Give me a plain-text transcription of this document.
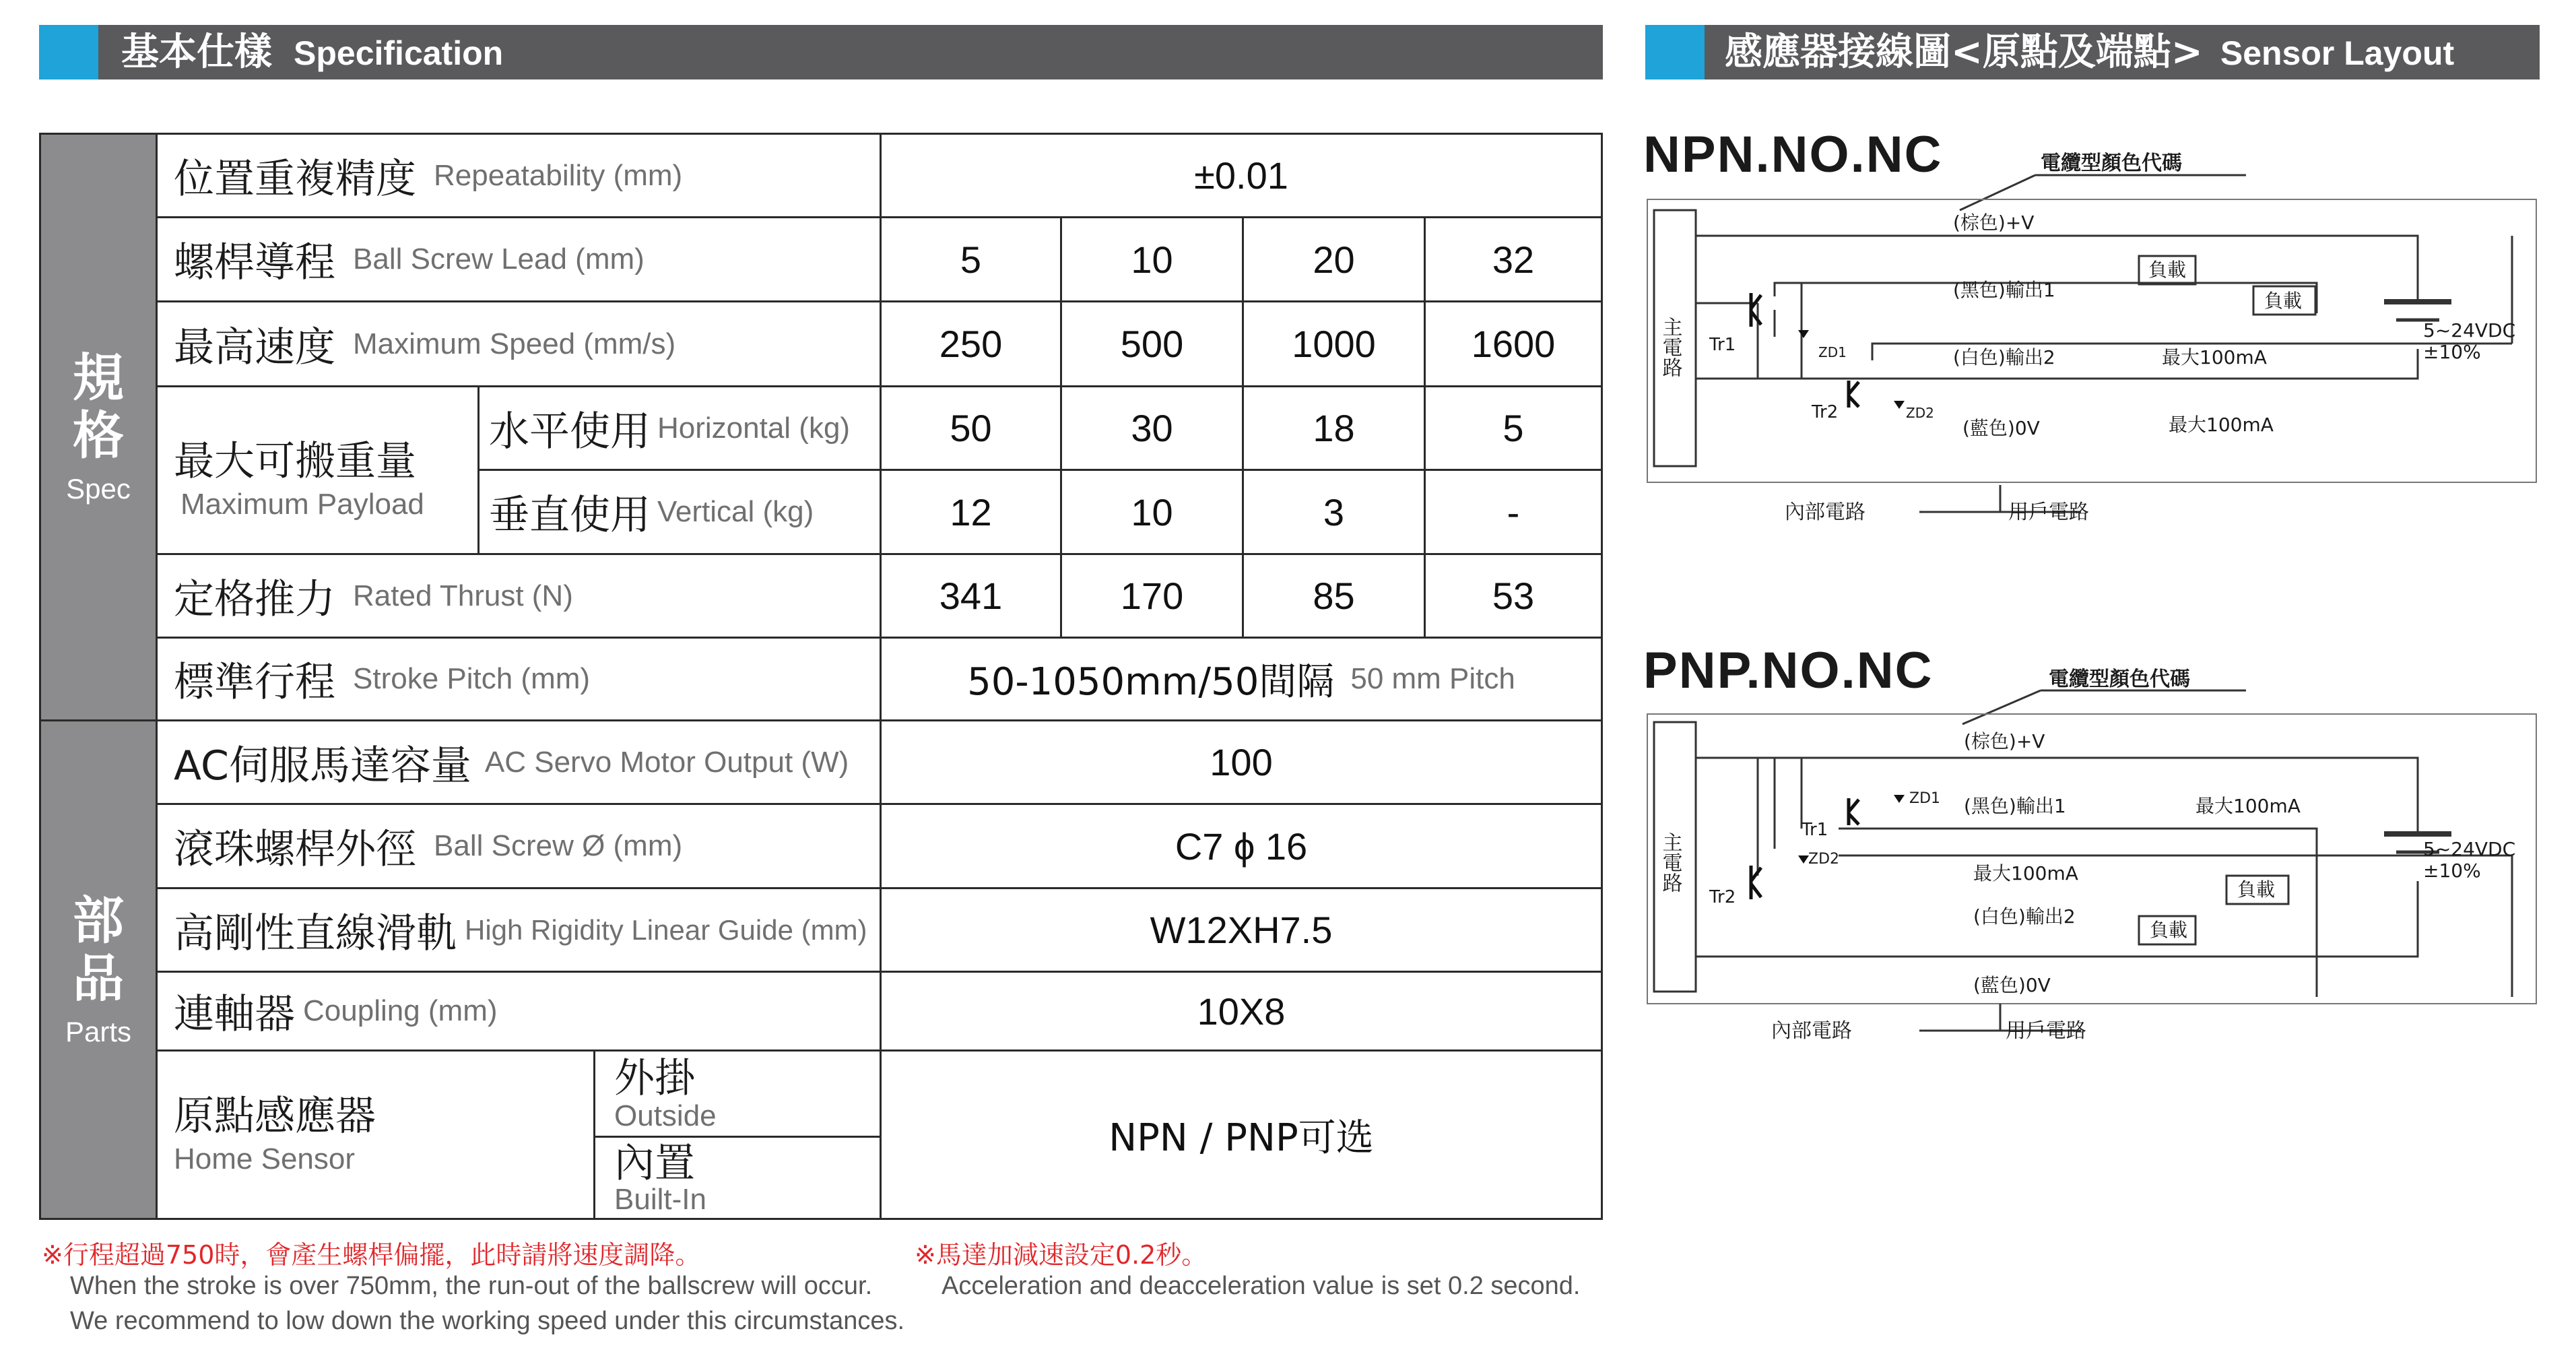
基本仕樣 Specification	感應器接線圖<原點及端點> Sensor Layout
規
格
Spec
部
品
Parts
位置重複精度 Repeatability (mm)	±0.01
螺桿導程 Ball Screw Lead (mm)	5	10	20	32
最高速度 Maximum Speed (mm/s)	250	500	1000	1600
最大可搬重量
Maximum Payload
水平使用 Horizontal (kg)	50	30	18	5
垂直使用 Vertical (kg)	12	10	3	-
定格推力 Rated Thrust (N)	341	170	85	53
標準行程 Stroke Pitch (mm)	50-1050mm/50間隔 50 mm Pitch
AC伺服馬達容量 AC Servo Motor Output (W)	100
滾珠螺桿外徑 Ball Screw Ø (mm)	C7 ϕ 16
高剛性直線滑軌 High Rigidity Linear Guide (mm)	W12XH7.5
連軸器 Coupling (mm)	10X8
原點感應器
Home Sensor
外掛
Outside
內置
Built-In
NPN / PNP可选
※行程超過750時，會產生螺桿偏擺，此時請將速度調降。
When the stroke is over 750mm, the run-out of the ballscrew will occur.
We recommend to low down the working speed under this circumstances.
※馬達加減速設定0.2秒。
Acceleration and deacceleration value is set 0.2 second.
NPN.NO.NC	電纜型顏色代碼
(棕色)+V
(黑色)輸出1
(白色)輸出2
(藍色)0V
負載
負載
最大100mA
最大100mA
Tr1
Tr2
ZD1
ZD2
5~24VDC
±10%
內部電路	用戶電路
主電路
PNP.NO.NC	電纜型顏色代碼
(棕色)+V
(黑色)輸出1
(白色)輸出2
(藍色)0V
負載
負載
最大100mA
最大100mA
Tr1
Tr2
ZD1
ZD2	5~24VDC
±10%
內部電路	用戶電路
主電路
